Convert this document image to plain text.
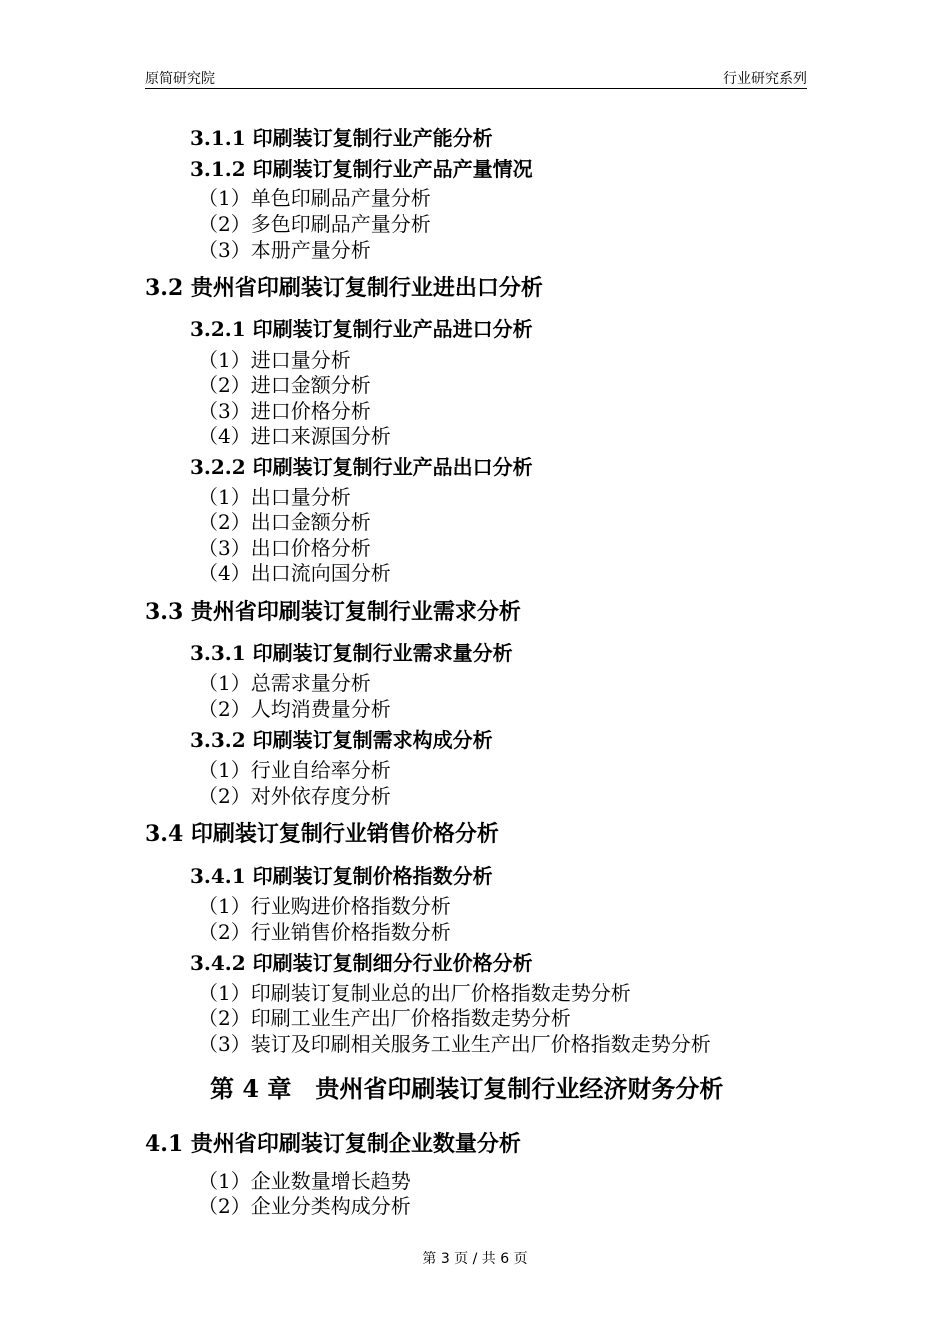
原简研究院	行业研究系列
3.1.1 印刷装订复制行业产能分析
3.1.2 印刷装订复制行业产品产量情况
（1）单色印刷品产量分析
（2）多色印刷品产量分析
（3）本册产量分析
3.2 贵州省印刷装订复制行业进出口分析
3.2.1 印刷装订复制行业产品进口分析
（1）进口量分析
（2）进口金额分析
（3）进口价格分析
（4）进口来源国分析
3.2.2 印刷装订复制行业产品出口分析
（1）出口量分析
（2）出口金额分析
（3）出口价格分析
（4）出口流向国分析
3.3 贵州省印刷装订复制行业需求分析
3.3.1 印刷装订复制行业需求量分析
（1）总需求量分析
（2）人均消费量分析
3.3.2 印刷装订复制需求构成分析
（1）行业自给率分析
（2）对外依存度分析
3.4 印刷装订复制行业销售价格分析
3.4.1 印刷装订复制价格指数分析
（1）行业购进价格指数分析
（2）行业销售价格指数分析
3.4.2 印刷装订复制细分行业价格分析
（1）印刷装订复制业总的出厂价格指数走势分析
（2）印刷工业生产出厂价格指数走势分析
（3）装订及印刷相关服务工业生产出厂价格指数走势分析
第 4 章　贵州省印刷装订复制行业经济财务分析
4.1 贵州省印刷装订复制企业数量分析
（1）企业数量增长趋势
（2）企业分类构成分析
第 3 页 / 共 6 页
